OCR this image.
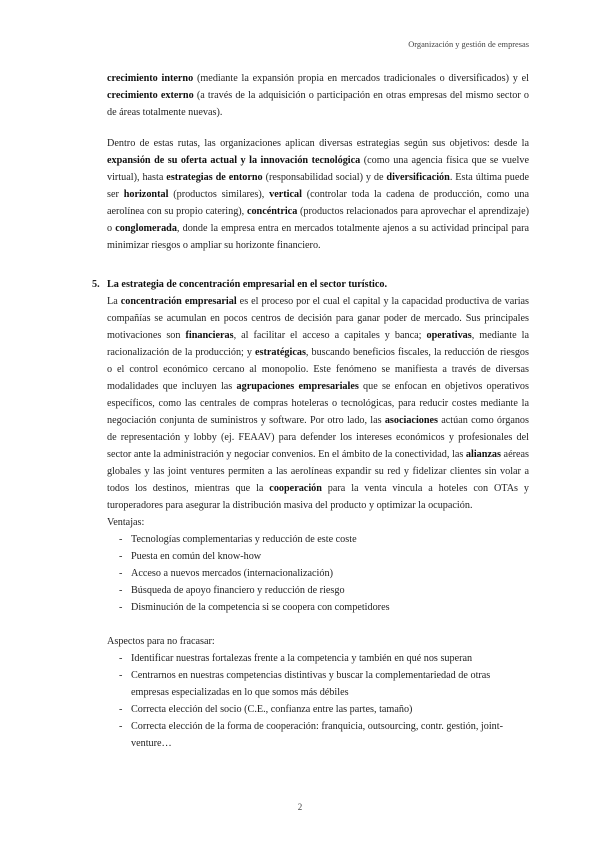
Organización y gestión de empresas

crecimiento interno (mediante la expansión propia en mercados tradicionales o diversificados) y el crecimiento externo (a través de la adquisición o participación en otras empresas del mismo sector o de áreas totalmente nuevas).

Dentro de estas rutas, las organizaciones aplican diversas estrategias según sus objetivos: desde la expansión de su oferta actual y la innovación tecnológica (como una agencia física que se vuelve virtual), hasta estrategias de entorno (responsabilidad social) y de diversificación. Esta última puede ser horizontal (productos similares), vertical (controlar toda la cadena de producción, como una aerolínea con su propio catering), concéntrica (productos relacionados para aprovechar el aprendizaje) o conglomerada, donde la empresa entra en mercados totalmente ajenos a su actividad principal para minimizar riesgos o ampliar su horizonte financiero.

5. La estrategia de concentración empresarial en el sector turístico.

La concentración empresarial es el proceso por el cual el capital y la capacidad productiva de varias compañías se acumulan en pocos centros de decisión para ganar poder de mercado. Sus principales motivaciones son financieras, al facilitar el acceso a capitales y banca; operativas, mediante la racionalización de la producción; y estratégicas, buscando beneficios fiscales, la reducción de riesgos o el control económico cercano al monopolio. Este fenómeno se manifiesta a través de diversas modalidades que incluyen las agrupaciones empresariales que se enfocan en objetivos operativos específicos, como las centrales de compras hoteleras o tecnológicas, para reducir costes mediante la negociación conjunta de suministros y software. Por otro lado, las asociaciones actúan como órganos de representación y lobby (ej. FEAAV) para defender los intereses económicos y profesionales del sector ante la administración y negociar convenios. En el ámbito de la conectividad, las alianzas aéreas globales y las joint ventures permiten a las aerolíneas expandir su red y fidelizar clientes sin volar a todos los destinos, mientras que la cooperación para la venta vincula a hoteles con OTAs y turoperadores para asegurar la distribución masiva del producto y optimizar la ocupación.

Ventajas:

- Tecnologías complementarias y reducción de este coste
- Puesta en común del know-how
- Acceso a nuevos mercados (internacionalización)
- Búsqueda de apoyo financiero y reducción de riesgo
- Disminución de la competencia si se coopera con competidores

Aspectos para no fracasar:

- Identificar nuestras fortalezas frente a la competencia y también en qué nos superan
- Centrarnos en nuestras competencias distintivas y buscar la complementariedad de otras empresas especializadas en lo que somos más débiles
- Correcta elección del socio (C.E., confianza entre las partes, tamaño)
- Correcta elección de la forma de cooperación: franquicia, outsourcing, contr. gestión, joint-venture…
2
